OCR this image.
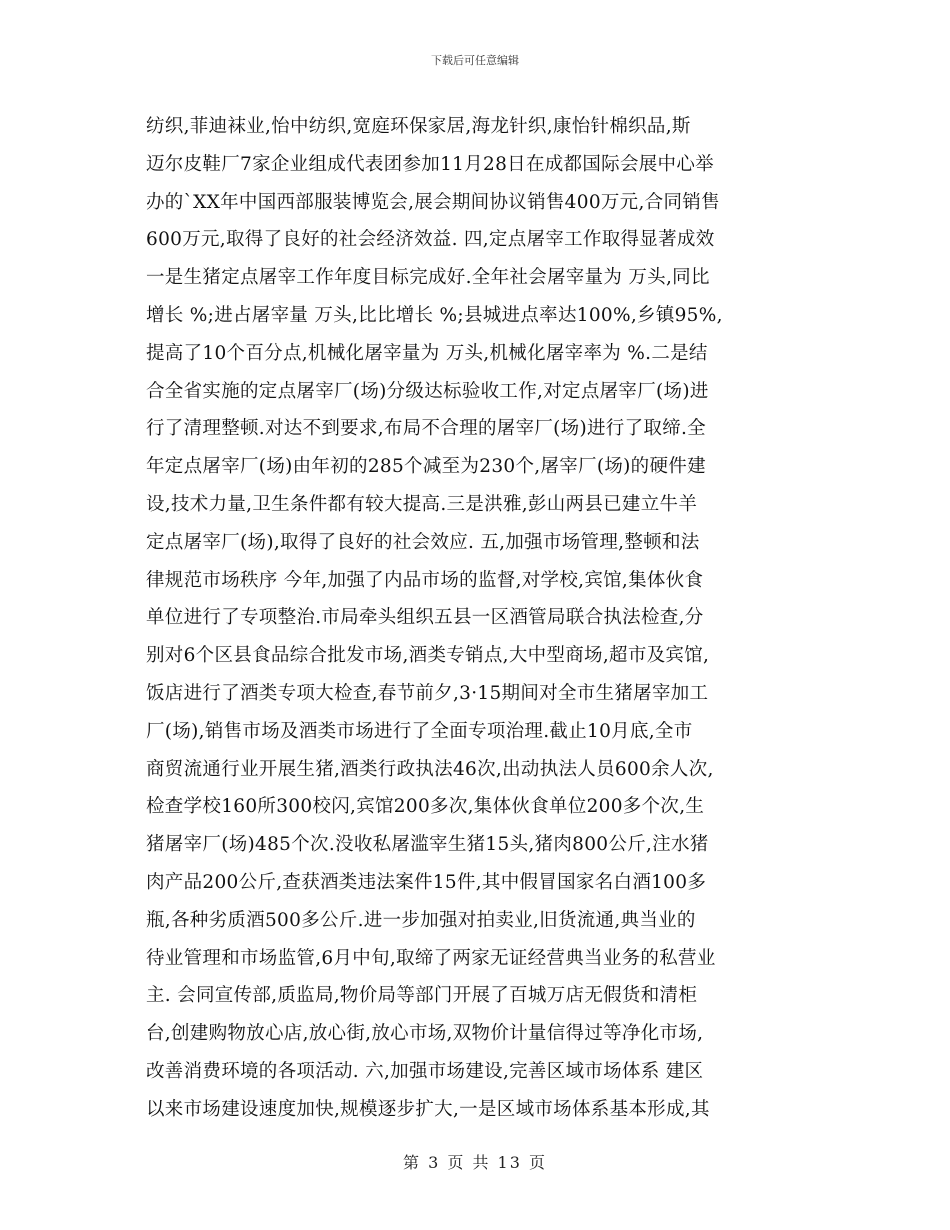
下载后可任意编辑
纺织,菲迪袜业,怡中纺织,宽庭环保家居,海龙针织,康怡针棉织品,斯
迈尔皮鞋厂7家企业组成代表团参加11月28日在成都国际会展中心举
办的`XX年中国西部服装博览会,展会期间协议销售400万元,合同销售
600万元,取得了良好的社会经济效益. 四,定点屠宰工作取得显著成效
一是生猪定点屠宰工作年度目标完成好.全年社会屠宰量为 万头,同比
增长 %;进占屠宰量 万头,比比增长 %;县城进点率达100%,乡镇95%,
提高了10个百分点,机械化屠宰量为 万头,机械化屠宰率为 %.二是结
合全省实施的定点屠宰厂(场)分级达标验收工作,对定点屠宰厂(场)进
行了清理整顿.对达不到要求,布局不合理的屠宰厂(场)进行了取缔.全
年定点屠宰厂(场)由年初的285个减至为230个,屠宰厂(场)的硬件建
设,技术力量,卫生条件都有较大提高.三是洪雅,彭山两县已建立牛羊
定点屠宰厂(场),取得了良好的社会效应. 五,加强市场管理,整顿和法
律规范市场秩序 今年,加强了内品市场的监督,对学校,宾馆,集体伙食
单位进行了专项整治.市局牵头组织五县一区酒管局联合执法检查,分
别对6个区县食品综合批发市场,酒类专销点,大中型商场,超市及宾馆,
饭店进行了酒类专项大检查,春节前夕,3·15期间对全市生猪屠宰加工
厂(场),销售市场及酒类市场进行了全面专项治理.截止10月底,全市
商贸流通行业开展生猪,酒类行政执法46次,出动执法人员600余人次,
检查学校160所300校闪,宾馆200多次,集体伙食单位200多个次,生
猪屠宰厂(场)485个次.没收私屠滥宰生猪15头,猪肉800公斤,注水猪
肉产品200公斤,查获酒类违法案件15件,其中假冒国家名白酒100多
瓶,各种劣质酒500多公斤.进一步加强对拍卖业,旧货流通,典当业的
待业管理和市场监管,6月中旬,取缔了两家无证经营典当业务的私营业
主. 会同宣传部,质监局,物价局等部门开展了百城万店无假货和清柜
台,创建购物放心店,放心街,放心市场,双物价计量信得过等净化市场,
改善消费环境的各项活动. 六,加强市场建设,完善区域市场体系 建区
以来市场建设速度加快,规模逐步扩大,一是区域市场体系基本形成,其
第 3 页 共 13 页
